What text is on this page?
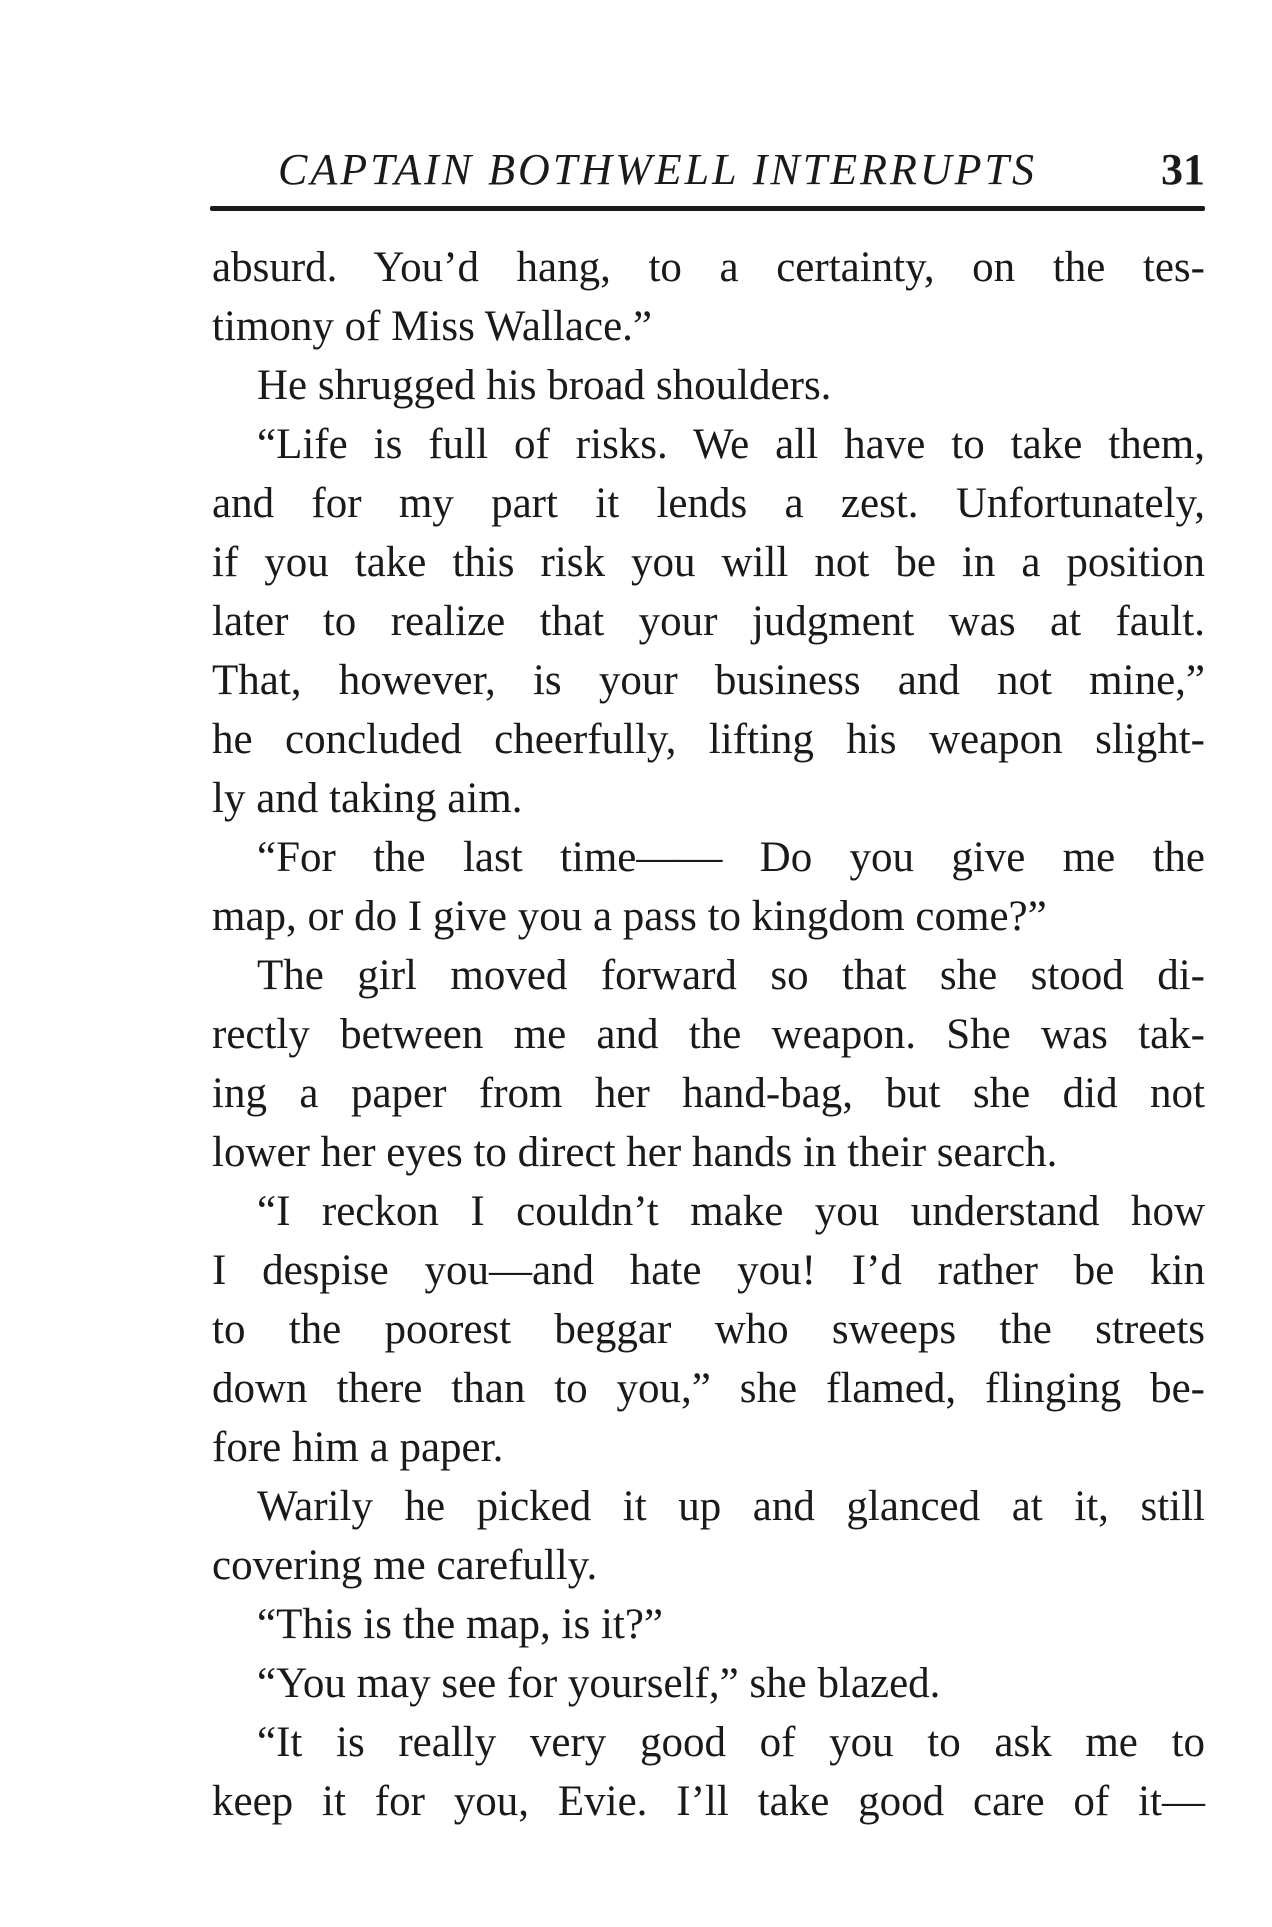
CAPTAIN BOTHWELL INTERRUPTS	31
absurd. You’d hang, to a certainty, on the tes-
timony of Miss Wallace.”
He shrugged his broad shoulders.
“Life is full of risks. We all have to take them,
and for my part it lends a zest. Unfortunately,
if you take this risk you will not be in a position
later to realize that your judgment was at fault.
That, however, is your business and not mine,”
he concluded cheerfully, lifting his weapon slight-
ly and taking aim.
“For the last time—— Do you give me the
map, or do I give you a pass to kingdom come?”
The girl moved forward so that she stood di-
rectly between me and the weapon. She was tak-
ing a paper from her hand-bag, but she did not
lower her eyes to direct her hands in their search.
“I reckon I couldn’t make you understand how
I despise you—and hate you! I’d rather be kin
to the poorest beggar who sweeps the streets
down there than to you,” she flamed, flinging be-
fore him a paper.
Warily he picked it up and glanced at it, still
covering me carefully.
“This is the map, is it?”
“You may see for yourself,” she blazed.
“It is really very good of you to ask me to
keep it for you, Evie. I’ll take good care of it—
